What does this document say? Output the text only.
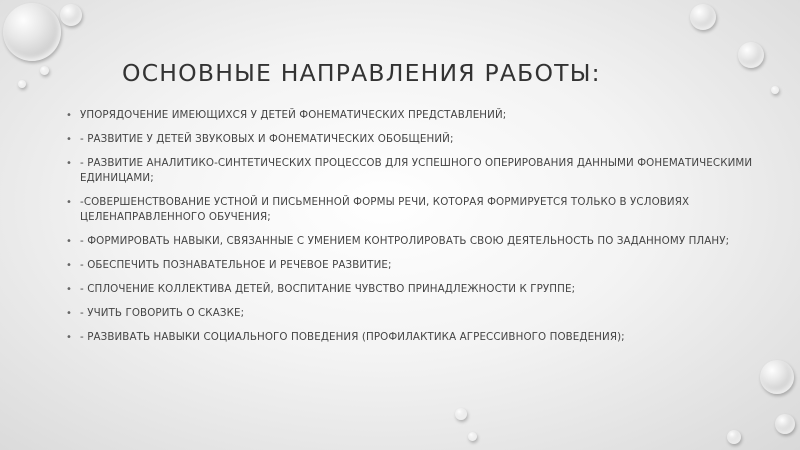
ОСНОВНЫЕ НАПРАВЛЕНИЯ РАБОТЫ:
• УПОРЯДОЧЕНИЕ ИМЕЮЩИХСЯ У ДЕТЕЙ ФОНЕМАТИЧЕСКИХ ПРЕДСТАВЛЕНИЙ;
• - РАЗВИТИЕ У ДЕТЕЙ ЗВУКОВЫХ И ФОНЕМАТИЧЕСКИХ ОБОБЩЕНИЙ;
• - РАЗВИТИЕ АНАЛИТИКО-СИНТЕТИЧЕСКИХ ПРОЦЕССОВ ДЛЯ УСПЕШНОГО ОПЕРИРОВАНИЯ ДАННЫМИ ФОНЕМАТИЧЕСКИМИ ЕДИНИЦАМИ;
• -СОВЕРШЕНСТВОВАНИЕ УСТНОЙ И ПИСЬМЕННОЙ ФОРМЫ РЕЧИ, КОТОРАЯ ФОРМИРУЕТСЯ ТОЛЬКО В УСЛОВИЯХ ЦЕЛЕНАПРАВЛЕННОГО ОБУЧЕНИЯ;
• - ФОРМИРОВАТЬ НАВЫКИ, СВЯЗАННЫЕ С УМЕНИЕМ КОНТРОЛИРОВАТЬ СВОЮ ДЕЯТЕЛЬНОСТЬ ПО ЗАДАННОМУ ПЛАНУ;
• - ОБЕСПЕЧИТЬ ПОЗНАВАТЕЛЬНОЕ И РЕЧЕВОЕ РАЗВИТИЕ;
• - СПЛОЧЕНИЕ КОЛЛЕКТИВА ДЕТЕЙ, ВОСПИТАНИЕ ЧУВСТВО ПРИНАДЛЕЖНОСТИ К ГРУППЕ;
• - УЧИТЬ ГОВОРИТЬ О СКАЗКЕ;
• - РАЗВИВАТЬ НАВЫКИ СОЦИАЛЬНОГО ПОВЕДЕНИЯ (ПРОФИЛАКТИКА АГРЕССИВНОГО ПОВЕДЕНИЯ);
